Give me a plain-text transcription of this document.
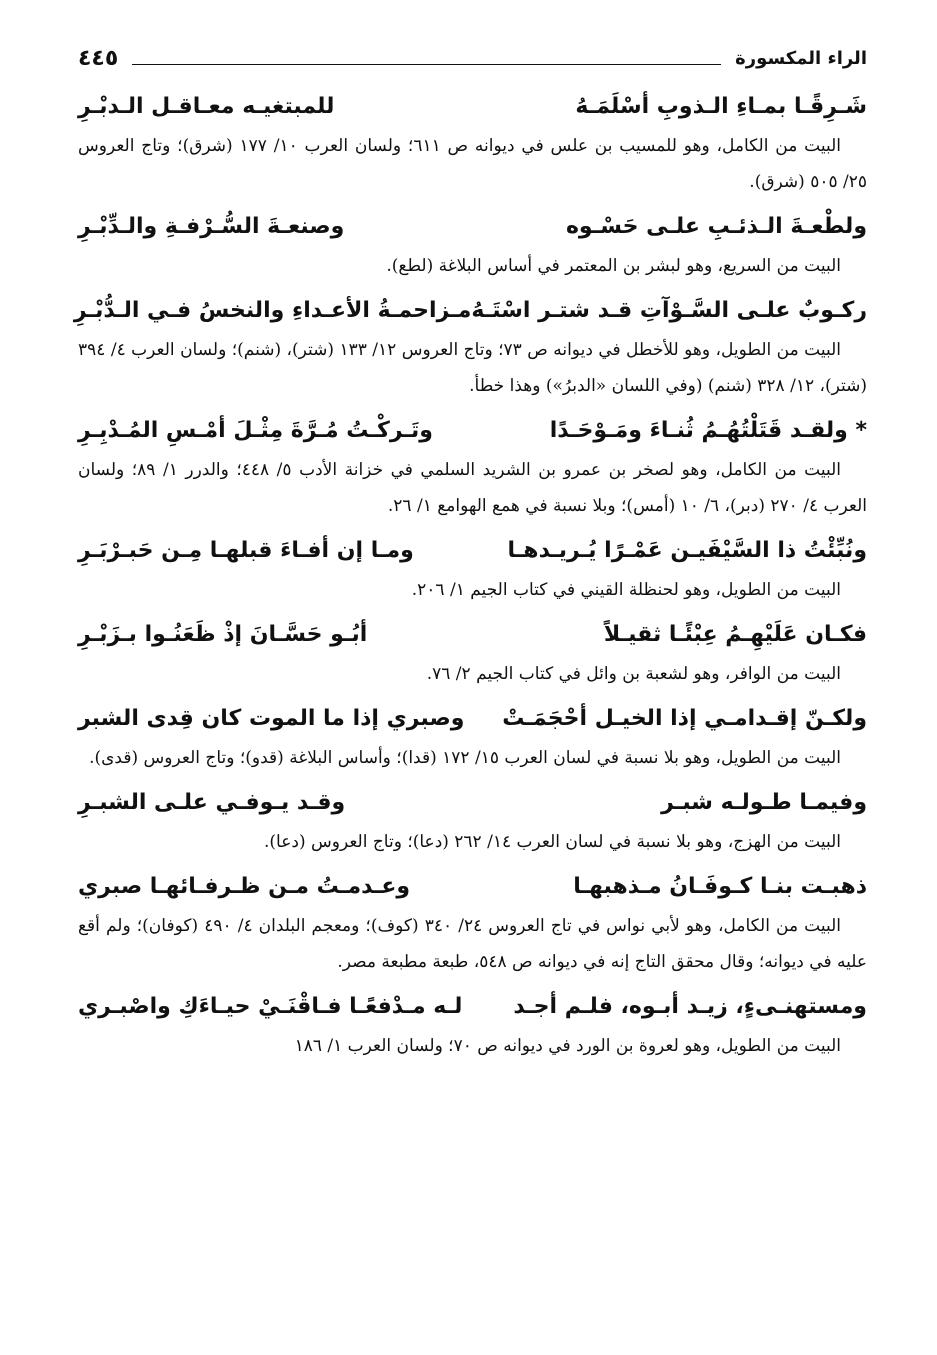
الراء المكسورة
٤٤٥
شَـرِقًـا بمـاءِ الـذوبِ أسْلَمَـهُ
للمبتغيـه معـاقـل الـدبْـرِ

البيت من الكامل، وهو للمسيب بن علس في ديوانه ص ٦١١؛ ولسان العرب ١٠/ ١٧٧ (شرق)؛ وتاج العروس ٢٥/ ٥٠٥ (شرق).

ولطْعـةَ الـذئـبِ علـى حَسْـوه
وصنعـةَ السُّـرْفـةِ والـدِّبْـرِ

البيت من السريع، وهو لبشر بن المعتمر في أساس البلاغة (لطع).

ركـوبٌ علـى السَّـوْآتِ قـد شتـر اسْتَـهُ
مـزاحمـةُ الأعـداءِ والنخسُ فـي الـدُّبْـرِ

البيت من الطويل، وهو للأخطل في ديوانه ص ٧٣؛ وتاج العروس ١٢/ ١٣٣ (شتر)، (شنم)؛ ولسان العرب ٤/ ٣٩٤ (شتر)، ١٢/ ٣٢٨ (شنم) (وفي اللسان «الدبرُ») وهذا خطأ.

* ولقـد قَتَلْتُهُـمُ ثُنـاءَ ومَـوْحَـدًا
وتَـركْـتُ مُـرَّةَ مِثْـلَ أمْـسِ المُـدْبِـرِ

البيت من الكامل، وهو لصخر بن عمرو بن الشريد السلمي في خزانة الأدب ٥/ ٤٤٨؛ والدرر ١/ ٨٩؛ ولسان العرب ٤/ ٢٧٠ (دبر)، ٦/ ١٠ (أمس)؛ وبلا نسبة في همع الهوامع ١/ ٢٦.

ونُبِّئْتُ ذا السَّيْفَيـن عَمْـرًا يُـريـدهـا
ومـا إن أفـاءَ قبلهـا مِـن حَبـرْبَـرِ

البيت من الطويل، وهو لحنظلة القيني في كتاب الجيم ١/ ٢٠٦.

فكـان عَلَيْهِـمُ عِبْئًـا ثقيـلاً
أبُـو حَسَّـانَ إذْ ظَعَنُـوا بـزَبْـرِ

البيت من الوافر، وهو لشعبة بن وائل في كتاب الجيم ٢/ ٧٦.

ولكـنّ إقـدامـي إذا الخيـل أحْجَمَـتْ
وصبري إذا ما الموت كان قِدى الشبر

البيت من الطويل، وهو بلا نسبة في لسان العرب ١٥/ ١٧٢ (قدا)؛ وأساس البلاغة (قدو)؛ وتاج العروس (قدى).

وفيمـا طـولـه شبـر
وقـد يـوفـي علـى الشبـرِ

البيت من الهزج، وهو بلا نسبة في لسان العرب ١٤/ ٢٦٢ (دعا)؛ وتاج العروس (دعا).

ذهبـت بنـا كـوفَـانُ مـذهبهـا
وعـدمـتُ مـن ظـرفـائهـا صبري

البيت من الكامل، وهو لأبي نواس في تاج العروس ٢٤/ ٣٤٠ (كوف)؛ ومعجم البلدان ٤/ ٤٩٠ (كوفان)؛ ولم أقع عليه في ديوانه؛ وقال محقق التاج إنه في ديوانه ص ٥٤٨، طبعة مطبعة مصر.

ومستهنـىءٍ، زيـد أبـوه، فلـم أجـد
لـه مـدْفعًـا فـاقْنَـيْ حيـاءَكِ واصْبـري

البيت من الطويل، وهو لعروة بن الورد في ديوانه ص ٧٠؛ ولسان العرب ١/ ١٨٦
